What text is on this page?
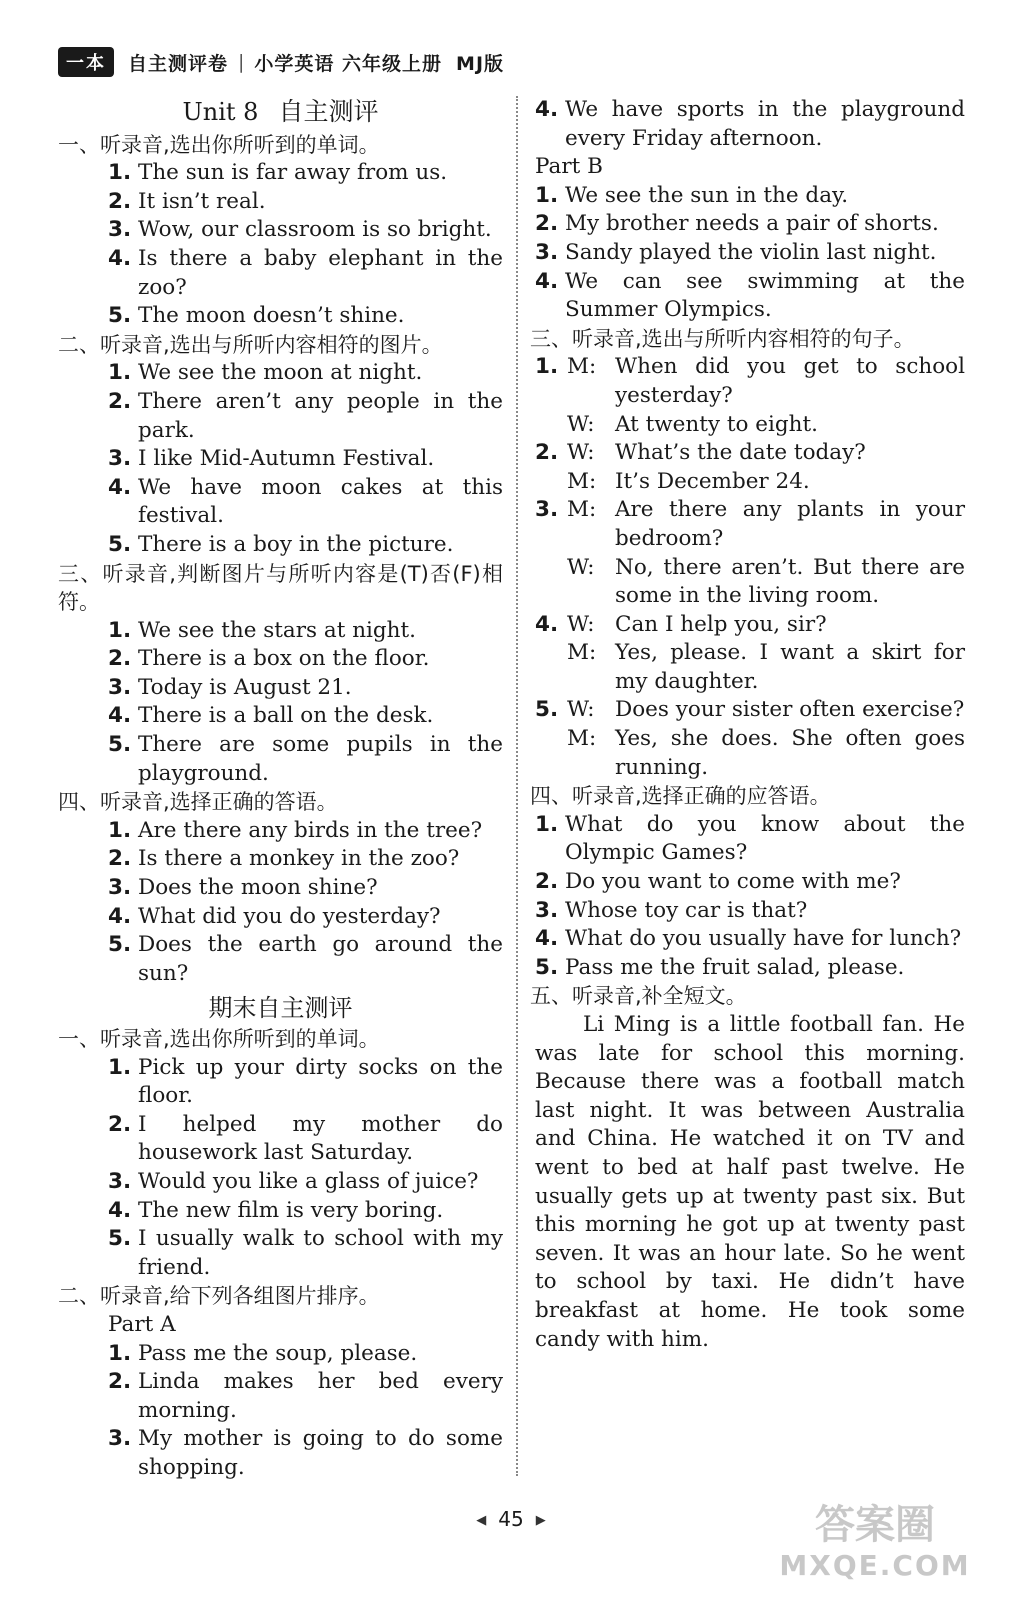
一本	自主测评卷 | 小学英语 六年级上册 MJ版
Unit 8 自主测评
一、听录音,选出你所听到的单词。
1. The sun is far away from us.
2. It isn’t real.
3. Wow, our classroom is so bright.
4. Is there a baby elephant in the zoo?
5. The moon doesn’t shine.
二、听录音,选出与所听内容相符的图片。
1. We see the moon at night.
2. There aren’t any people in the park.
3. I like Mid-Autumn Festival.
4. We have moon cakes at this festival.
5. There is a boy in the picture.
三、听录音,判断图片与所听内容是(T)否(F)相符。
1. We see the stars at night.
2. There is a box on the floor.
3. Today is August 21.
4. There is a ball on the desk.
5. There are some pupils in the playground.
四、听录音,选择正确的答语。
1. Are there any birds in the tree?
2. Is there a monkey in the zoo?
3. Does the moon shine?
4. What did you do yesterday?
5. Does the earth go around the sun?
期末自主测评
一、听录音,选出你所听到的单词。
1. Pick up your dirty socks on the floor.
2. I helped my mother do housework last Saturday.
3. Would you like a glass of juice?
4. The new film is very boring.
5. I usually walk to school with my friend.
二、听录音,给下列各组图片排序。
Part A
1. Pass me the soup, please.
2. Linda makes her bed every morning.
3. My mother is going to do some shopping.
4. We have sports in the playground every Friday afternoon.
Part B
1. We see the sun in the day.
2. My brother needs a pair of shorts.
3. Sandy played the violin last night.
4. We can see swimming at the Summer Olympics.
三、听录音,选出与所听内容相符的句子。
1. M: When did you get to school yesterday?
W: At twenty to eight.
2. W: What’s the date today?
M: It’s December 24.
3. M: Are there any plants in your bedroom?
W: No, there aren’t. But there are some in the living room.
4. W: Can I help you, sir?
M: Yes, please. I want a skirt for my daughter.
5. W: Does your sister often exercise?
M: Yes, she does. She often goes running.
四、听录音,选择正确的应答语。
1. What do you know about the Olympic Games?
2. Do you want to come with me?
3. Whose toy car is that?
4. What do you usually have for lunch?
5. Pass me the fruit salad, please.
五、听录音,补全短文。
Li Ming is a little football fan. He was late for school this morning. Because there was a football match last night. It was between Australia and China. He watched it on TV and went to bed at half past twelve. He usually gets up at twenty past six. But this morning he got up at twenty past seven. It was an hour late. So he went to school by taxi. He didn’t have breakfast at home. He took some candy with him.
◀ 45 ▶	答案圈
MXQE.COM
